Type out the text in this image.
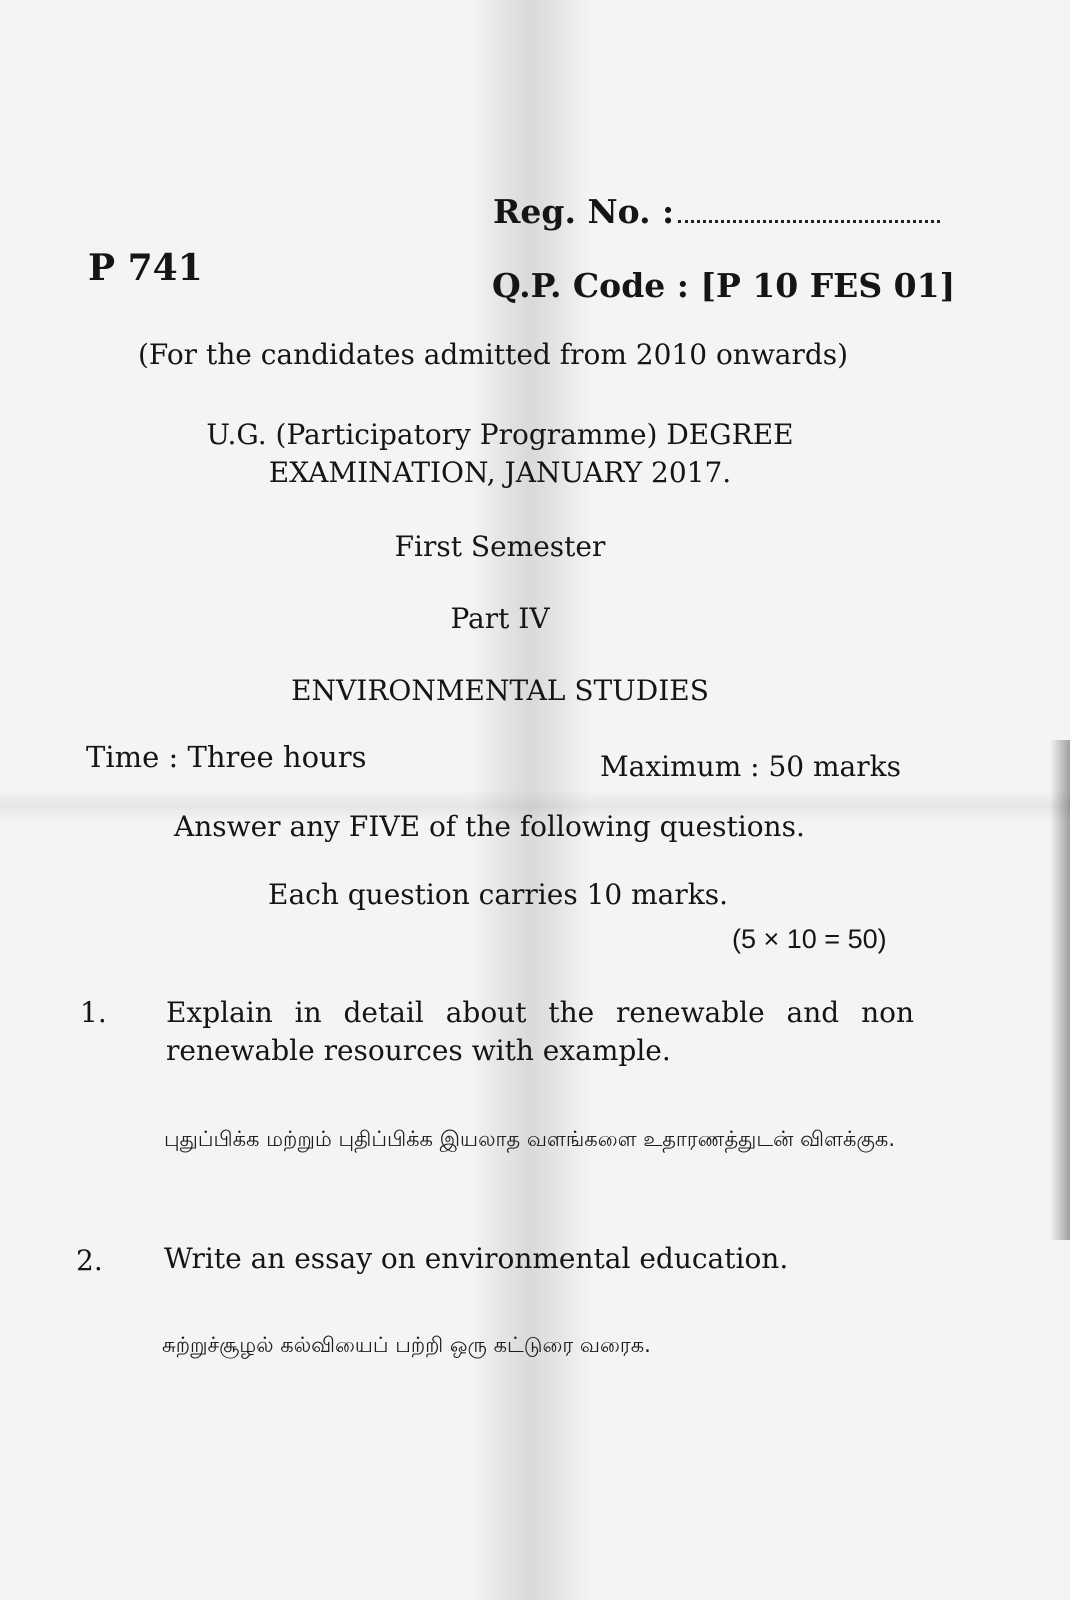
Reg. No. :
P 741	Q.P. Code : [P 10 FES 01]
(For the candidates admitted from 2010 onwards)
U.G. (Participatory Programme) DEGREE
EXAMINATION, JANUARY 2017.
First Semester
Part IV
ENVIRONMENTAL STUDIES
Time : Three hours	Maximum : 50 marks
Answer any FIVE of the following questions.
Each question carries 10 marks.
(5 × 10 = 50)
1. Explain in detail about the renewable and non renewable resources with example.
புதுப்பிக்க மற்றும் புதிப்பிக்க இயலாத வளங்களை உதாரணத்துடன் விளக்குக.
2. Write an essay on environmental education.
சுற்றுச்சூழல் கல்வியைப் பற்றி ஒரு கட்டுரை வரைக.
